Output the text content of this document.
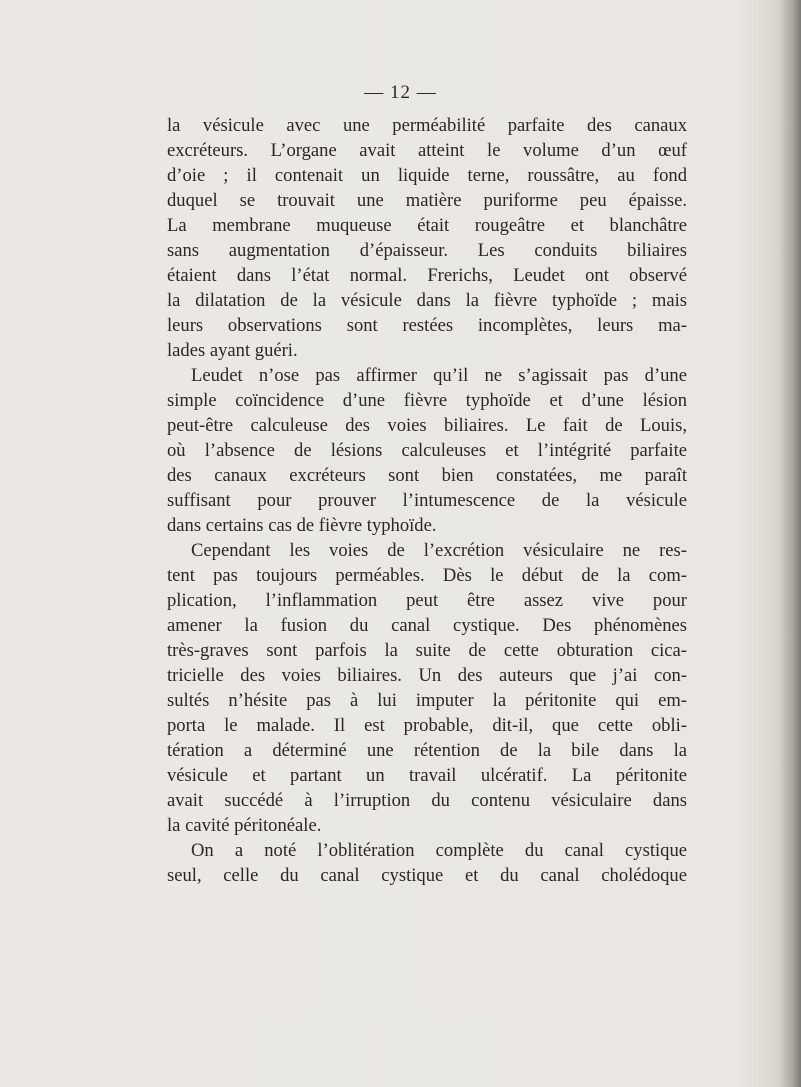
— 12 —
la vésicule avec une perméabilité parfaite des canaux
excréteurs. L’organe avait atteint le volume d’un œuf
d’oie ; il contenait un liquide terne, roussâtre, au fond
duquel se trouvait une matière puriforme peu épaisse.
La membrane muqueuse était rougeâtre et blanchâtre
sans augmentation d’épaisseur. Les conduits biliaires
étaient dans l’état normal. Frerichs, Leudet ont observé
la dilatation de la vésicule dans la fièvre typhoïde ; mais
leurs observations sont restées incomplètes, leurs ma-
lades ayant guéri.
Leudet n’ose pas affirmer qu’il ne s’agissait pas d’une
simple coïncidence d’une fièvre typhoïde et d’une lésion
peut-être calculeuse des voies biliaires. Le fait de Louis,
où l’absence de lésions calculeuses et l’intégrité parfaite
des canaux excréteurs sont bien constatées, me paraît
suffisant pour prouver l’intumescence de la vésicule
dans certains cas de fièvre typhoïde.
Cependant les voies de l’excrétion vésiculaire ne res-
tent pas toujours perméables. Dès le début de la com-
plication, l’inflammation peut être assez vive pour
amener la fusion du canal cystique. Des phénomènes
très-graves sont parfois la suite de cette obturation cica-
tricielle des voies biliaires. Un des auteurs que j’ai con-
sultés n’hésite pas à lui imputer la péritonite qui em-
porta le malade. Il est probable, dit-il, que cette obli-
tération a déterminé une rétention de la bile dans la
vésicule et partant un travail ulcératif. La péritonite
avait succédé à l’irruption du contenu vésiculaire dans
la cavité péritonéale.
On a noté l’oblitération complète du canal cystique
seul, celle du canal cystique et du canal cholédoque
